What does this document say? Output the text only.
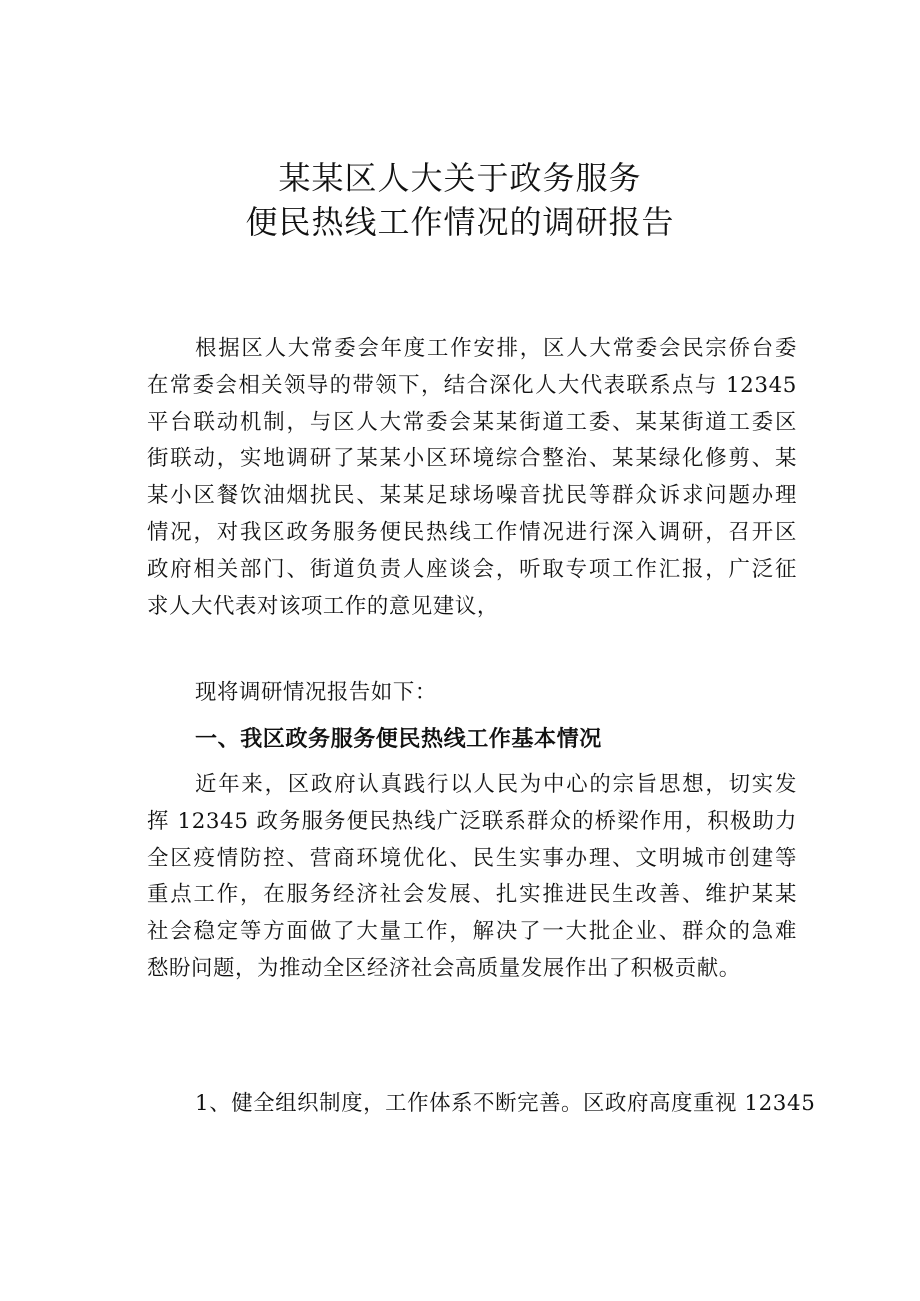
某某区人大关于政务服务
便民热线工作情况的调研报告
根据区人大常委会年度工作安排，区人大常委会民宗侨台委
在常委会相关领导的带领下，结合深化人大代表联系点与 12345
平台联动机制，与区人大常委会某某街道工委、某某街道工委区
街联动，实地调研了某某小区环境综合整治、某某绿化修剪、某
某小区餐饮油烟扰民、某某足球场噪音扰民等群众诉求问题办理
情况，对我区政务服务便民热线工作情况进行深入调研，召开区
政府相关部门、街道负责人座谈会，听取专项工作汇报，广泛征
求人大代表对该项工作的意见建议，
现将调研情况报告如下：
一、我区政务服务便民热线工作基本情况
近年来，区政府认真践行以人民为中心的宗旨思想，切实发
挥 12345 政务服务便民热线广泛联系群众的桥梁作用，积极助力
全区疫情防控、营商环境优化、民生实事办理、文明城市创建等
重点工作，在服务经济社会发展、扎实推进民生改善、维护某某
社会稳定等方面做了大量工作，解决了一大批企业、群众的急难
愁盼问题，为推动全区经济社会高质量发展作出了积极贡献。
1、健全组织制度，工作体系不断完善。区政府高度重视 12345
